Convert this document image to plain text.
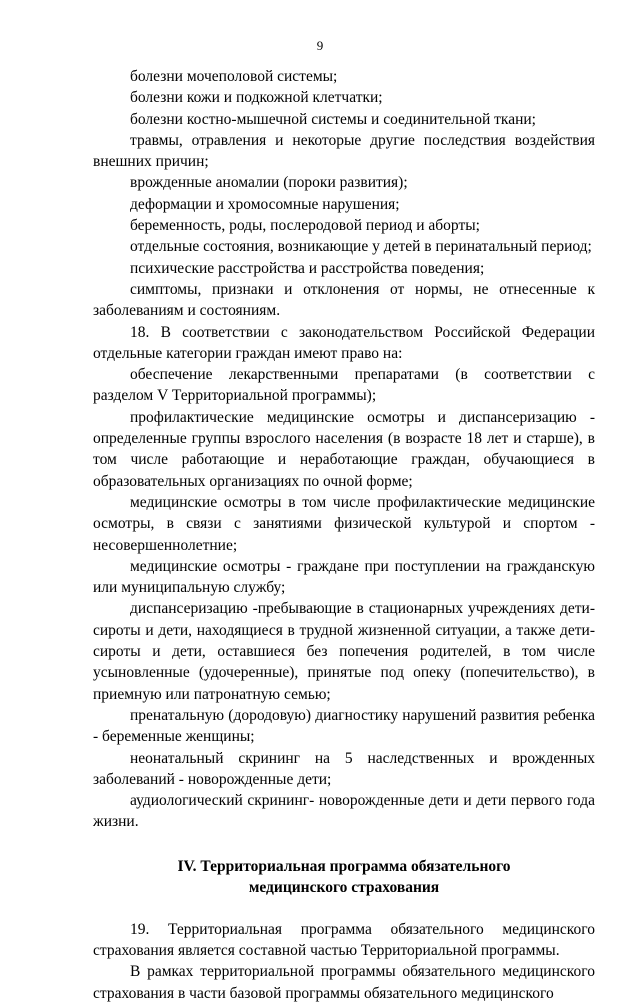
9

болезни мочеполовой системы;

болезни кожи и подкожной клетчатки;

болезни костно-мышечной системы и соединительной ткани;

травмы, отравления и некоторые другие последствия воздействия внешних причин;

врожденные аномалии (пороки развития);

деформации и хромосомные нарушения;

беременность, роды, послеродовой период и аборты;

отдельные состояния, возникающие у детей в перинатальный период;

психические расстройства и расстройства поведения;

симптомы, признаки и отклонения от нормы, не отнесенные к заболеваниям и состояниям.

18. В соответствии с законодательством Российской Федерации отдельные категории граждан имеют право на:

обеспечение лекарственными препаратами (в соответствии с разделом V Территориальной программы);

профилактические медицинские осмотры и диспансеризацию - определенные группы взрослого населения (в возрасте 18 лет и старше), в том числе работающие и неработающие граждан, обучающиеся в образовательных организациях по очной форме;

медицинские осмотры в том числе профилактические медицинские осмотры, в связи с занятиями физической культурой и спортом - несовершеннолетние;

медицинские осмотры - граждане при поступлении на гражданскую или муниципальную службу;

диспансеризацию -пребывающие в стационарных учреждениях дети-сироты и дети, находящиеся в трудной жизненной ситуации, а также дети-сироты и дети, оставшиеся без попечения родителей, в том числе усыновленные (удочеренные), принятые под опеку (попечительство), в приемную или патронатную семью;

пренатальную (дородовую) диагностику нарушений развития ребенка - беременные женщины;

неонатальный скрининг на 5 наследственных и врожденных заболеваний - новорожденные дети;

аудиологический скрининг- новорожденные дети и дети первого года жизни.

IV. Территориальная программа обязательного
медицинского страхования

19. Территориальная программа обязательного медицинского страхования является составной частью Территориальной программы.

В рамках территориальной программы обязательного медицинского страхования в части базовой программы обязательного медицинского
